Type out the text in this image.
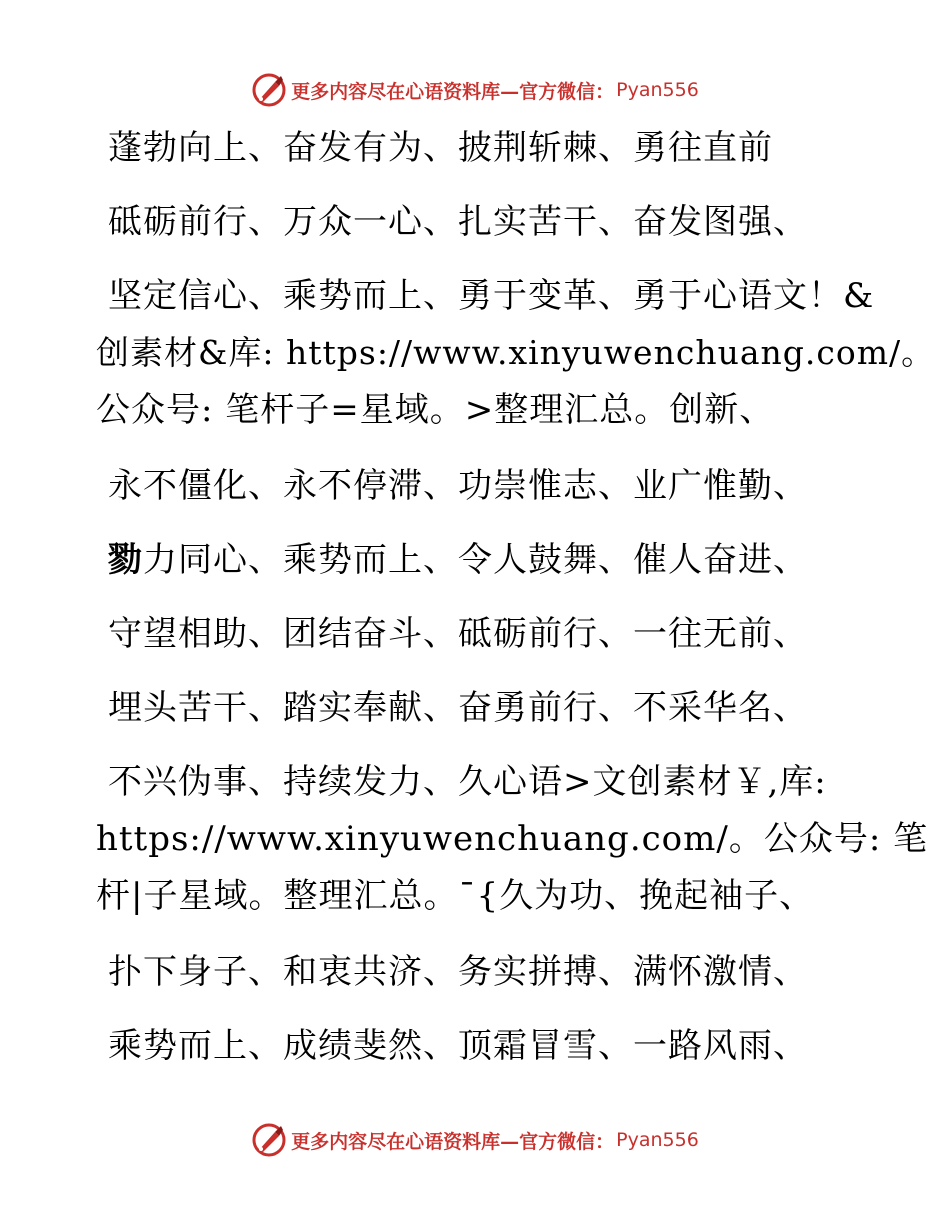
更多内容尽在心语资料库—官方微信： Pyan556
蓬勃向上、奋发有为、披荆斩棘、勇往直前
砥砺前行、万众一心、扎实苦干、奋发图强、
坚定信心、乘势而上、勇于变革、勇于心语文！&
创素材&库: https://www.xinyuwenchuang.com/。
公众号: 笔杆子=星域。>整理汇总。创新、
永不僵化、永不停滞、功崇惟志、业广惟勤、
勠力同心、乘势而上、令人鼓舞、催人奋进、
守望相助、团结奋斗、砥砺前行、一往无前、
埋头苦干、踏实奉献、奋勇前行、不采华名、
不兴伪事、持续发力、久心语>文创素材￥,库:
https://www.xinyuwenchuang.com/。公众号: 笔
杆|子星域。整理汇总。¯{久为功、挽起袖子、
扑下身子、和衷共济、务实拼搏、满怀激情、
乘势而上、成绩斐然、顶霜冒雪、一路风雨、
更多内容尽在心语资料库—官方微信： Pyan556
